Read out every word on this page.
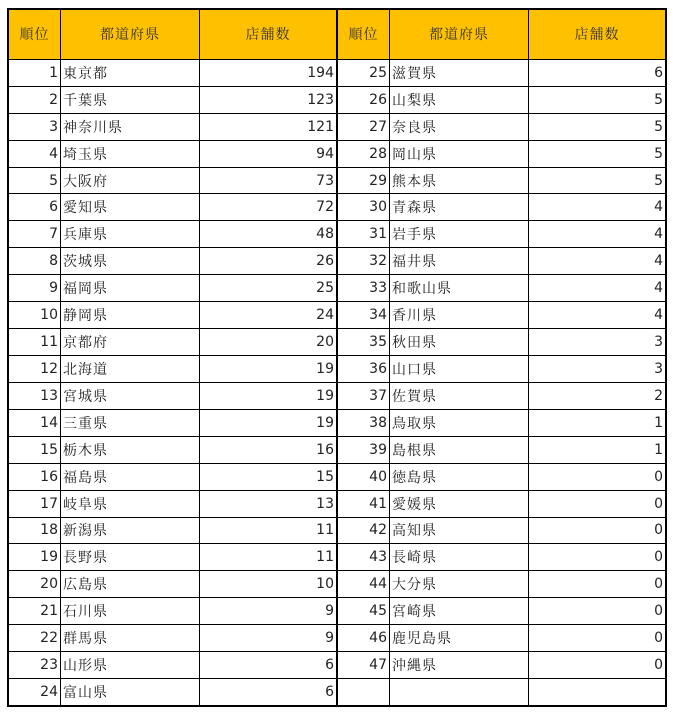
順位	都道府県	店舗数
1 東京都	194
2 千葉県	123
3 神奈川県	121
4 埼玉県	94
5 大阪府	73
6 愛知県	72
7 兵庫県	48
8 茨城県	26
9 福岡県	25
10 静岡県	24
11 京都府	20
12 北海道	19
13 宮城県	19
14 三重県	19
15 栃木県	16
16 福島県	15
17 岐阜県	13
18 新潟県	11
19 長野県	11
20 広島県	10
21 石川県	9
22 群馬県	9
23 山形県	6
24 富山県	6
順位	都道府県	店舗数
25 滋賀県	6
26 山梨県	5
27 奈良県	5
28 岡山県	5
29 熊本県	5
30 青森県	4
31 岩手県	4
32 福井県	4
33 和歌山県	4
34 香川県	4
35 秋田県	3
36 山口県	3
37 佐賀県	2
38 鳥取県	1
39 島根県	1
40 徳島県	0
41 愛媛県	0
42 高知県	0
43 長崎県	0
44 大分県	0
45 宮崎県	0
46 鹿児島県	0
47 沖縄県	0
